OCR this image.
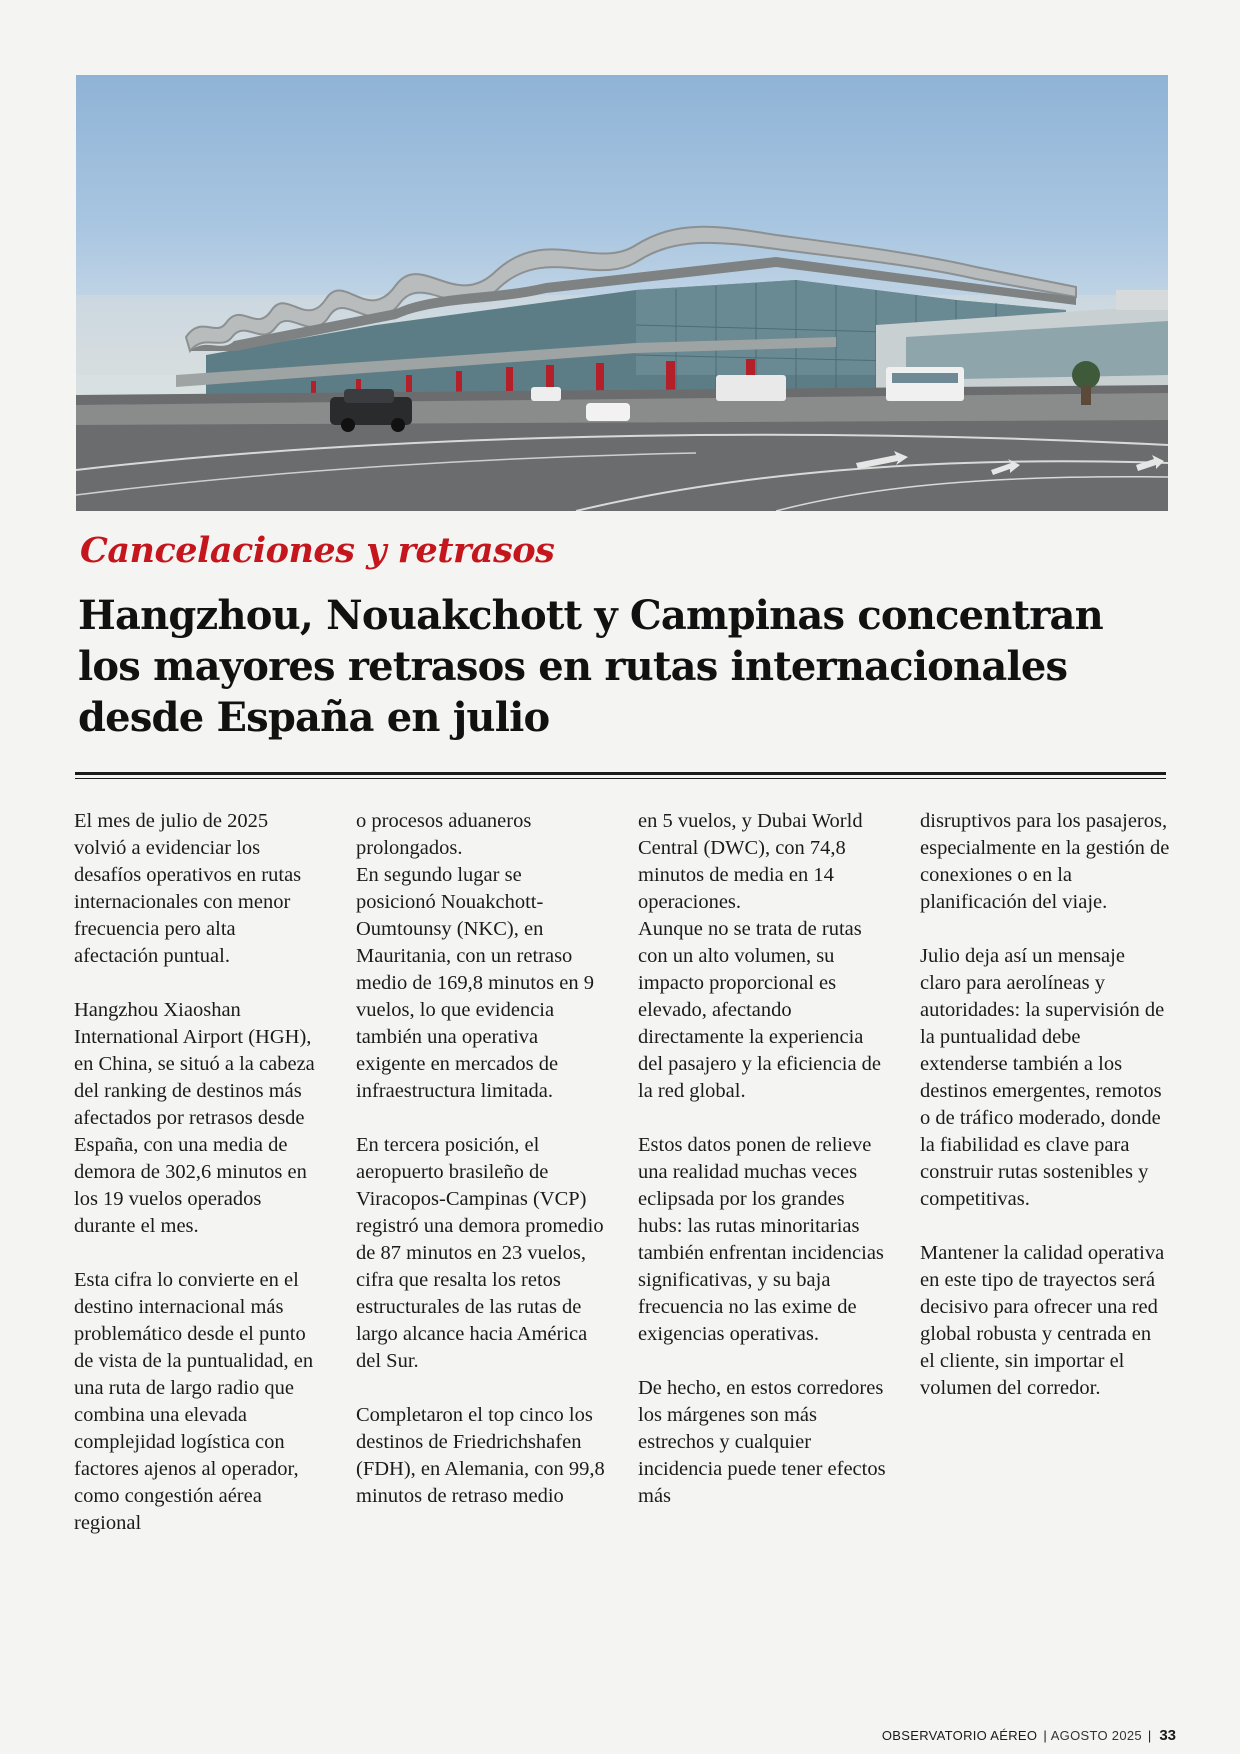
Cancelaciones y retrasos
Hangzhou, Nouakchott y Campinas concentran los mayores retrasos en rutas internacionales desde España en julio

El mes de julio de 2025 volvió a evidenciar los desafíos operativos en rutas internacionales con menor frecuencia pero alta afectación puntual.

Hangzhou Xiaoshan International Airport (HGH), en China, se situó a la cabeza del ranking de destinos más afectados por retrasos desde España, con una media de demora de 302,6 minutos en los 19 vuelos operados durante el mes.

Esta cifra lo convierte en el destino internacional más problemático desde el punto de vista de la puntualidad, en una ruta de largo radio que combina una elevada complejidad logística con factores ajenos al operador, como congestión aérea regional

o procesos aduaneros prolongados.

En segundo lugar se posicionó Nouakchott-Oumtounsy (NKC), en Mauritania, con un retraso medio de 169,8 minutos en 9 vuelos, lo que evidencia también una operativa exigente en mercados de infraestructura limitada.

En tercera posición, el aeropuerto brasileño de Viracopos-Campinas (VCP) registró una demora promedio de 87 minutos en 23 vuelos, cifra que resalta los retos estructurales de las rutas de largo alcance hacia América del Sur.

Completaron el top cinco los destinos de Friedrichshafen (FDH), en Alemania, con 99,8 minutos de retraso medio

en 5 vuelos, y Dubai World Central (DWC), con 74,8 minutos de media en 14 operaciones.

Aunque no se trata de rutas con un alto volumen, su impacto proporcional es elevado, afectando directamente la experiencia del pasajero y la eficiencia de la red global.

Estos datos ponen de relieve una realidad muchas veces eclipsada por los grandes hubs: las rutas minoritarias también enfrentan incidencias significativas, y su baja frecuencia no las exime de exigencias operativas.

De hecho, en estos corredores los márgenes son más estrechos y cualquier incidencia puede tener efectos más

disruptivos para los pasajeros, especialmente en la gestión de conexiones o en la planificación del viaje.

Julio deja así un mensaje claro para aerolíneas y autoridades: la supervisión de la puntualidad debe extenderse también a los destinos emergentes, remotos o de tráfico moderado, donde la fiabilidad es clave para construir rutas sostenibles y competitivas.

Mantener la calidad operativa en este tipo de trayectos será decisivo para ofrecer una red global robusta y centrada en el cliente, sin importar el volumen del corredor.

OBSERVATORIO AÉREO | AGOSTO 2025 | 33
